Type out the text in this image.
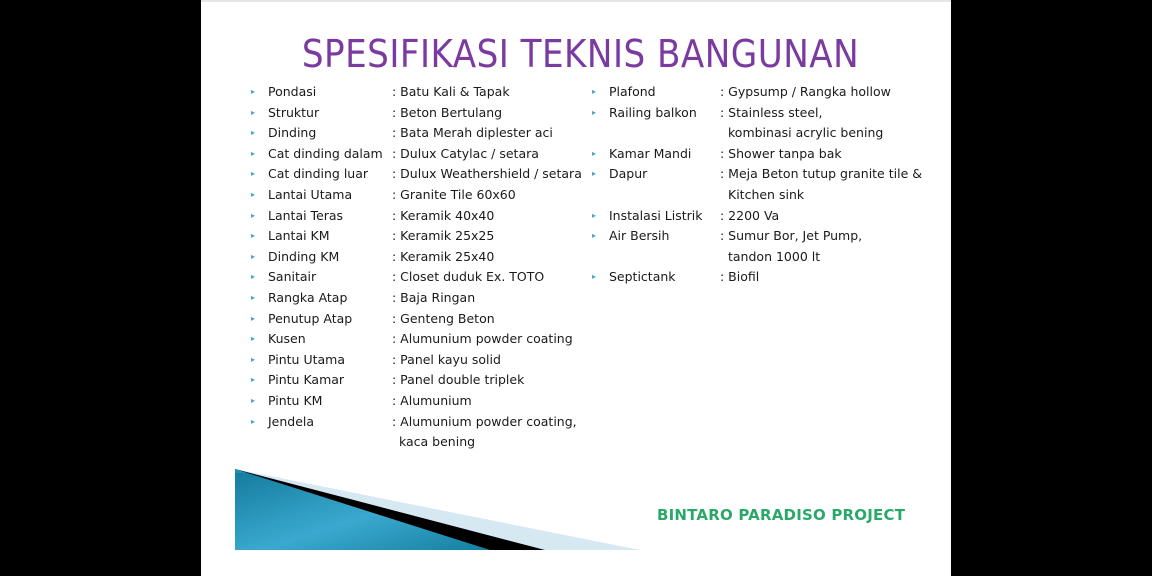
SPESIFIKASI TEKNIS BANGUNAN
▸ Pondasi	: Batu Kali & Tapak
▸ Struktur	: Beton Bertulang
▸ Dinding	: Bata Merah diplester aci
▸ Cat dinding dalam : Dulux Catylac / setara
▸ Cat dinding luar : Dulux Weathershield / setara
▸ Lantai Utama	: Granite Tile 60x60
▸ Lantai Teras	: Keramik 40x40
▸ Lantai KM	: Keramik 25x25
▸ Dinding KM	: Keramik 25x40
▸ Sanitair	: Closet duduk Ex. TOTO
▸ Rangka Atap	: Baja Ringan
▸ Penutup Atap	: Genteng Beton
▸ Kusen	: Alumunium powder coating
▸ Pintu Utama	: Panel kayu solid
▸ Pintu Kamar	: Panel double triplek
▸ Pintu KM	: Alumunium
▸ Jendela	: Alumunium powder coating,
kaca bening
▸ Plafond	: Gypsump / Rangka hollow
▸ Railing balkon : Stainless steel,
kombinasi acrylic bening
▸ Kamar Mandi : Shower tanpa bak
▸ Dapur	: Meja Beton tutup granite tile &
Kitchen sink
▸ Instalasi Listrik : 2200 Va
▸ Air Bersih	: Sumur Bor, Jet Pump,
tandon 1000 lt
▸ Septictank	: Biofil
BINTARO PARADISO PROJECT
